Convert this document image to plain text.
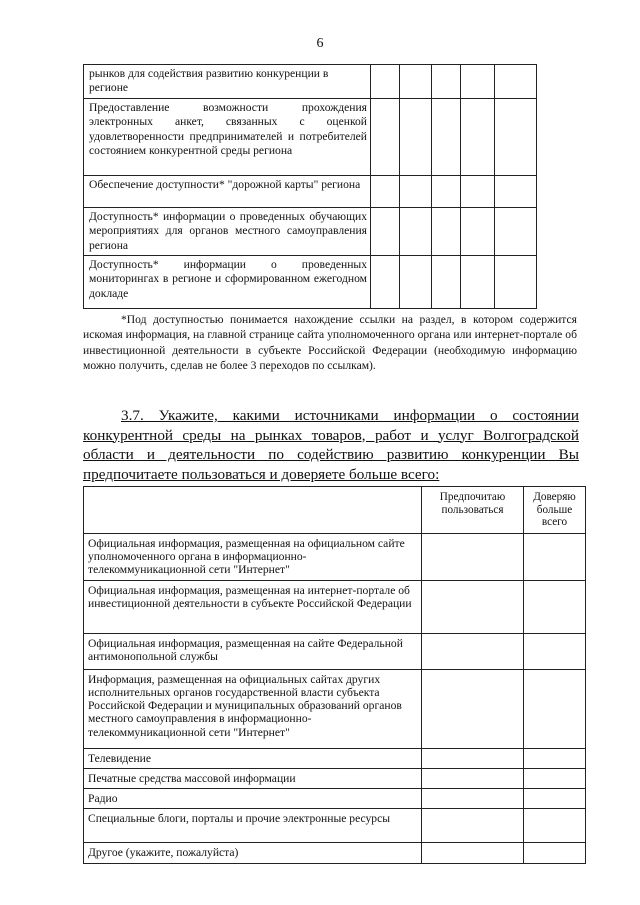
6
рынков для содействия развитию конкуренции в регионе					
Предоставление возможности прохождения электронных анкет, связанных с оценкой удовлетворенности предпринимателей и потребителей состоянием конкурентной среды региона					
Обеспечение доступности* "дорожной карты" региона					
Доступность* информации о проведенных обучающих мероприятиях для органов местного самоуправления региона					
Доступность* информации о проведенных мониторингах в регионе и сформированном ежегодном докладе					
*Под доступностью понимается нахождение ссылки на раздел, в котором содержится искомая информация, на главной странице сайта уполномоченного органа или интернет-портале об инвестиционной деятельности в субъекте Российской Федерации (необходимую информацию можно получить, сделав не более 3 переходов по ссылкам).
3.7. Укажите, какими источниками информации о состоянии конкурентной среды на рынках товаров, работ и услуг Волгоградской области и деятельности по содействию развитию конкуренции Вы предпочитаете пользоваться и доверяете больше всего:
	Предпочитаю пользоваться	Доверяю больше всего
Официальная информация, размещенная на официальном сайте уполномоченного органа в информационно-телекоммуникационной сети "Интернет"		
Официальная информация, размещенная на интернет-портале об инвестиционной деятельности в субъекте Российской Федерации		
Официальная информация, размещенная на сайте Федеральной антимонопольной службы		
Информация, размещенная на официальных сайтах других исполнительных органов государственной власти субъекта Российской Федерации и муниципальных образований органов местного самоуправления в информационно-телекоммуникационной сети "Интернет"		
Телевидение		
Печатные средства массовой информации		
Радио		
Специальные блоги, порталы и прочие электронные ресурсы		
Другое (укажите, пожалуйста)		
